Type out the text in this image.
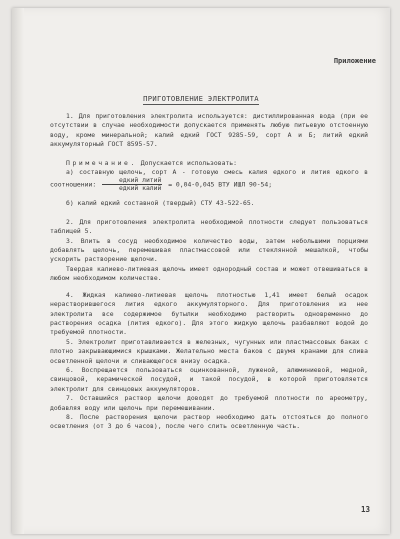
Приложение
ПРИГОТОВЛЕНИЕ ЭЛЕКТРОЛИТА

1. Для приготовления электролита используется: дистиллированная вода (при ее отсутствии в случае необходимости допускается применять любую питьевую отстоенную воду, кроме минеральной; калий едкий ГОСТ 9285-59, сорт А и Б; литий едкий аккумуляторный ГОСТ 8595-57.

Примечание. Допускается использовать:

а) составную щелочь, сорт А - готовую смесь калия едкого и лития едкого в соотношении: $\frac{\text{едкий литий}}{\text{едкий калий}} = 0,04-0,045$ ВТУ ИШЛ 90-54;

б) калий едкий составной (твердый) СТУ 43-522-65.

2. Для приготовления электролита необходимой плотности следует пользоваться таблицей 5.

3. Влить в сосуд необходимое количество воды, затем небольшими порциями добавлять щелочь, перемешивая пластмассовой или стеклянной мешалкой, чтобы ускорить растворение щелочи.

Твердая калиево-литиевая щелочь имеет однородный состав и может отвешиваться в любом необходимом количестве.

4. Жидкая калиево-литиевая щелочь плотностью 1,41 имеет белый осадок нерастворившегося лития едкого аккумуляторного. Для приготовления из нее электролита все содержимое бутылки необходимо растворить одновременно до растворения осадка (лития едкого). Для этого жидкую щелочь разбавляют водой до требуемой плотности.

5. Электролит приготавливается в железных, чугунных или пластмассовых баках с плотно закрывающимися крышками. Желательно места баков с двумя кранами для слива осветленной щелочи и сливающегося внизу осадка.

6. Воспрещается пользоваться оцинкованной, луженой, алюминиевой, медной, свинцовой, керамической посудой, и такой посудой, в которой приготовляется электролит для свинцовых аккумуляторов.

7. Оставшийся раствор щелочи доводят до требуемой плотности по ареометру, добавляя воду или щелочь при перемешивании.

8. После растворения щелочи раствор необходимо дать отстояться до полного осветления (от 3 до 6 часов), после чего слить осветленную часть.

13
